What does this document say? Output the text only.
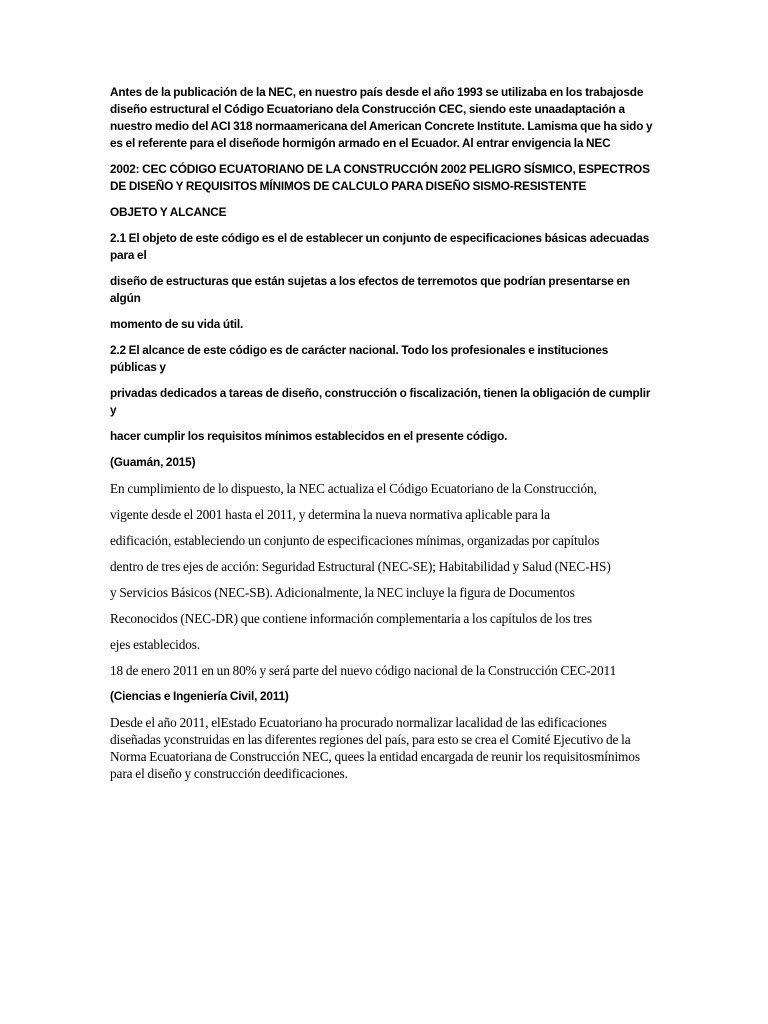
Antes de la publicación de la NEC, en nuestro país desde el año 1993 se utilizaba en los trabajosde diseño estructural el Código Ecuatoriano dela Construcción CEC, siendo este unaadaptación a nuestro medio del ACI 318 normaamericana del American Concrete Institute. Lamisma que ha sido y es el referente para el diseñode hormigón armado en el Ecuador. Al entrar envigencia la NEC

2002: CEC CÓDIGO ECUATORIANO DE LA CONSTRUCCIÓN 2002 PELIGRO SÍSMICO, ESPECTROS DE DISEÑO Y REQUISITOS MÍNIMOS DE CALCULO PARA DISEÑO SISMO-RESISTENTE

OBJETO Y ALCANCE

2.1 El objeto de este código es el de establecer un conjunto de especificaciones básicas adecuadas para el

diseño de estructuras que están sujetas a los efectos de terremotos que podrían presentarse en algún

momento de su vida útil.

2.2 El alcance de este código es de carácter nacional. Todo los profesionales e instituciones públicas y

privadas dedicados a tareas de diseño, construcción o fiscalización, tienen la obligación de cumplir y

hacer cumplir los requisitos mínimos establecidos en el presente código.

(Guamán, 2015)

En cumplimiento de lo dispuesto, la NEC actualiza el Código Ecuatoriano de la Construcción,

vigente desde el 2001 hasta el 2011, y determina la nueva normativa aplicable para la

edificación, estableciendo un conjunto de especificaciones mínimas, organizadas por capítulos

dentro de tres ejes de acción: Seguridad Estructural (NEC-SE); Habitabilidad y Salud (NEC-HS)

y Servicios Básicos (NEC-SB). Adicionalmente, la NEC incluye la figura de Documentos

Reconocidos (NEC-DR) que contiene información complementaria a los capítulos de los tres

ejes establecidos.

18 de enero 2011 en un 80% y será parte del nuevo código nacional de la Construcción CEC-2011

(Ciencias e Ingeniería Civil, 2011)

Desde el año 2011, elEstado Ecuatoriano ha procurado normalizar lacalidad de las edificaciones diseñadas yconstruidas en las diferentes regiones del país, para esto se crea el Comité Ejecutivo de la Norma Ecuatoriana de Construcción NEC, quees la entidad encargada de reunir los requisitosmínimos para el diseño y construcción deedificaciones.
